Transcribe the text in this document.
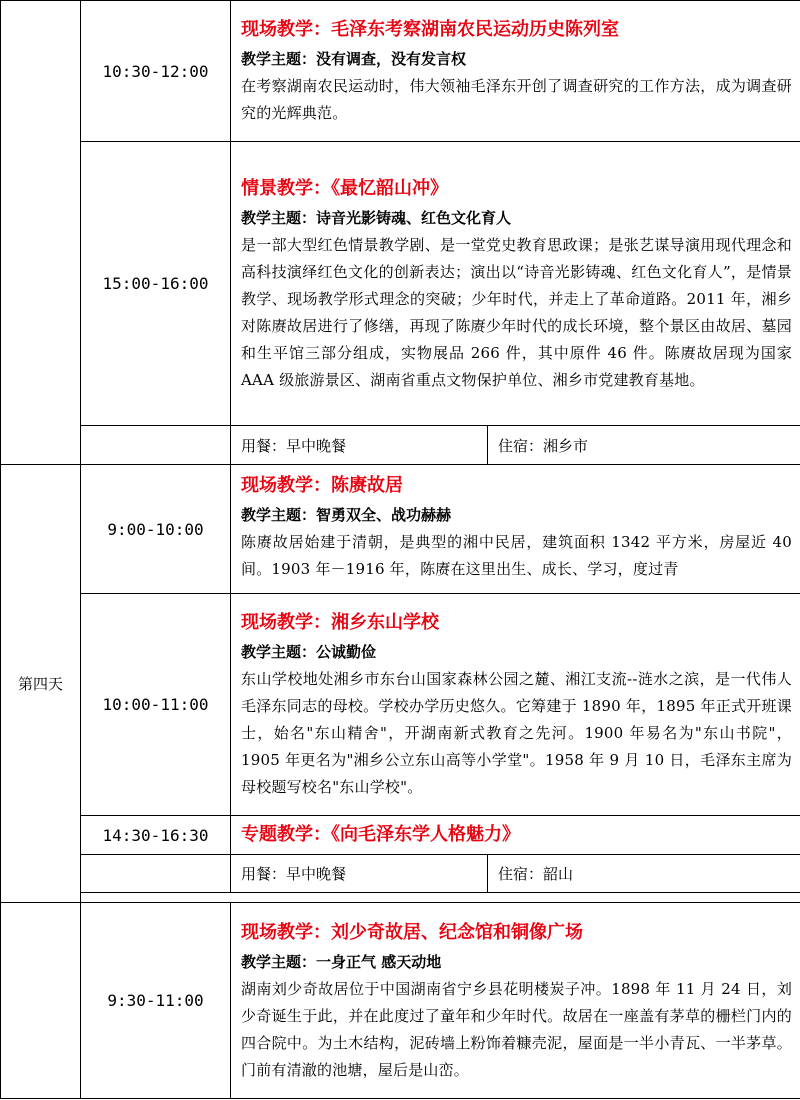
	10:30-12:00	现场教学：毛泽东考察湖南农民运动历史陈列室
教学主题：没有调查，没有发言权
在考察湖南农民运动时，伟大领袖毛泽东开创了调查研究的工作方法，成为调查研究的光辉典范。	

	15:00-16:00	情景教学：《最忆韶山冲》
教学主题：诗音光影铸魂、红色文化育人
是一部大型红色情景教学剧、是一堂党史教育思政课；是张艺谋导演用现代理念和高科技演绎红色文化的创新表达；演出以“诗音光影铸魂、红色文化育人”，是情景教学、现场教学形式理念的突破；少年时代，并走上了革命道路。2011 年，湘乡对陈赓故居进行了修缮，再现了陈赓少年时代的成长环境，整个景区由故居、墓园和生平馆三部分组成，实物展品 266 件，其中原件 46 件。陈赓故居现为国家 AAA 级旅游景区、湖南省重点文物保护单位、湘乡市党建教育基地。	

		用餐：早中晚餐	住宿：湘乡市
第四天	9:00-10:00	现场教学：陈赓故居
教学主题：智勇双全、战功赫赫
陈赓故居始建于清朝，是典型的湘中民居，建筑面积 1342 平方米，房屋近 40 间。1903 年－1916 年，陈赓在这里出生、成长、学习，度过青	

	10:00-11:00	现场教学：湘乡东山学校
教学主题：公诚勤俭
东山学校地处湘乡市东台山国家森林公园之麓、湘江支流--涟水之滨，是一代伟人毛泽东同志的母校。学校办学历史悠久。它筹建于 1890 年，1895 年正式开班课士，始名"东山精舍"，开湖南新式教育之先河。1900 年易名为"东山书院"，1905 年更名为"湘乡公立东山高等小学堂"。1958 年 9 月 10 日，毛泽东主席为母校题写校名"东山学校"。	

	14:30-16:30	专题教学：《向毛泽东学人格魅力》	

		用餐：早中晚餐	住宿：韶山

	9:30-11:00	现场教学：刘少奇故居、纪念馆和铜像广场
教学主题：一身正气 感天动地
湖南刘少奇故居位于中国湖南省宁乡县花明楼炭子冲。1898 年 11 月 24 日，刘少奇诞生于此，并在此度过了童年和少年时代。故居在一座盖有茅草的栅栏门内的四合院中。为土木结构，泥砖墙上粉饰着糠壳泥，屋面是一半小青瓦、一半茅草。门前有清澈的池塘，屋后是山峦。	
